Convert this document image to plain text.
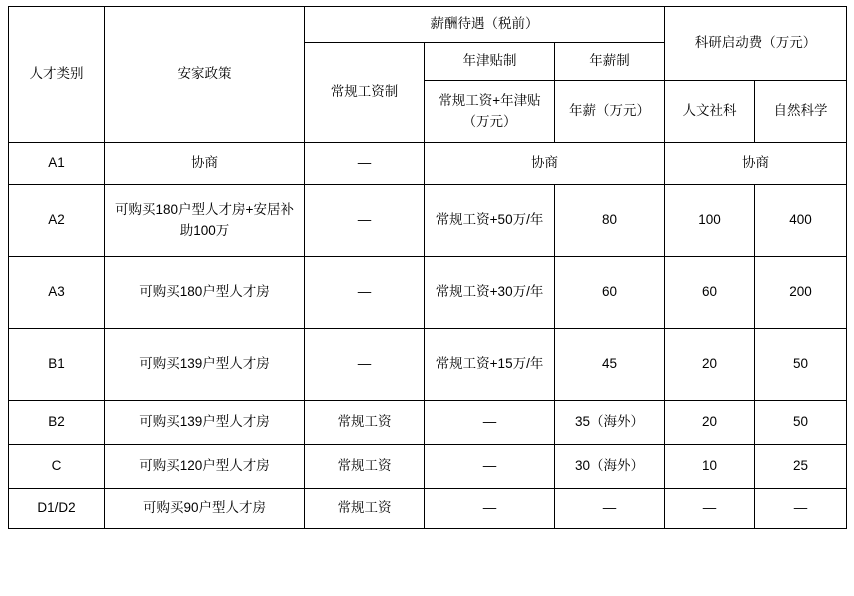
人才类别	安家政策	薪酬待遇（税前）			科研启动费（万元）	
		常规工资制	年津贴制	年薪制		
			常规工资+年津贴（万元）	年薪（万元）	人文社科	自然科学
A1	协商	—	协商		协商	
A2	可购买180户型人才房+安居补助100万	—	常规工资+50万/年	80	100	400
A3	可购买180户型人才房	—	常规工资+30万/年	60	60	200
B1	可购买139户型人才房	—	常规工资+15万/年	45	20	50
B2	可购买139户型人才房	常规工资	—	35（海外）	20	50
C	可购买120户型人才房	常规工资	—	30（海外）	10	25
D1/D2	可购买90户型人才房	常规工资	—	—	—	—
